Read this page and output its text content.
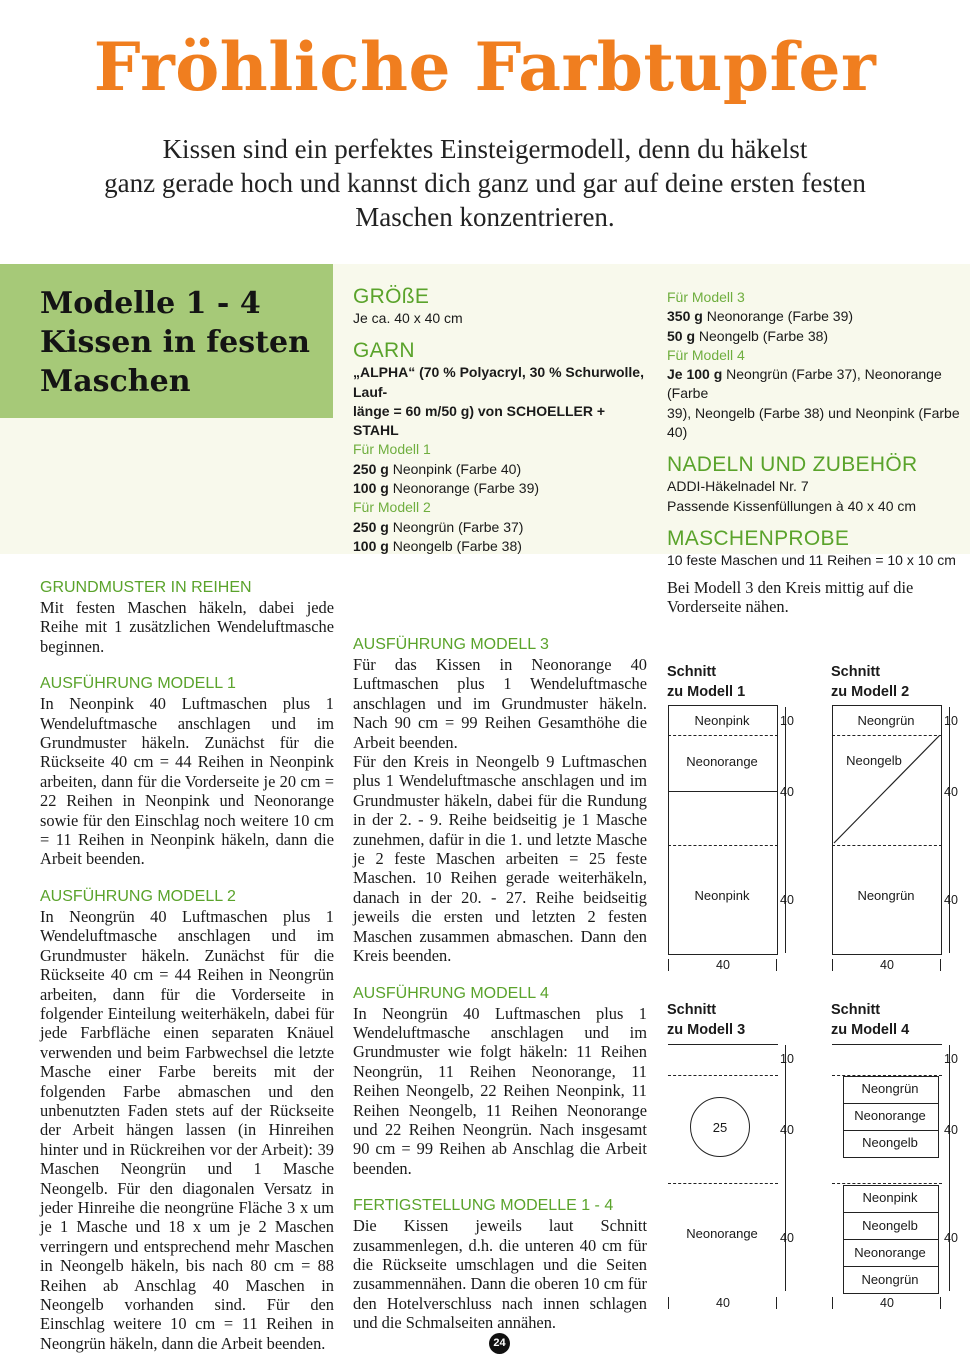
Fröhliche Farbtupfer
Kissen sind ein perfektes Einsteigermodell, denn du häkelst
ganz gerade hoch und kannst dich ganz und gar auf deine ersten festen
Maschen konzentrieren.
Modelle 1 - 4
Kissen in festen
Maschen
GRÖßE
Je ca. 40 x 40 cm
GARN
„ALPHA“ (70 % Polyacryl, 30 % Schurwolle, Lauf-
länge = 60 m/50 g) von SCHOELLER + STAHL
Für Modell 1
250 g Neonpink (Farbe 40)
100 g Neonorange (Farbe 39)
Für Modell 2
250 g Neongrün (Farbe 37)
100 g Neongelb (Farbe 38)
Für Modell 3
350 g Neonorange (Farbe 39)
50 g Neongelb (Farbe 38)
Für Modell 4
Je 100 g Neongrün (Farbe 37), Neonorange (Farbe
39), Neongelb (Farbe 38) und Neonpink (Farbe 40)
NADELN UND ZUBEHÖR
ADDI-Häkelnadel Nr. 7
Passende Kissenfüllungen à 40 x 40 cm
MASCHENPROBE
10 feste Maschen und 11 Reihen = 10 x 10 cm
GRUNDMUSTER IN REIHEN

Mit festen Maschen häkeln, dabei jede Reihe mit 1 zusätzlichen Wendeluftmasche beginnen.

AUSFÜHRUNG MODELL 1

In Neonpink 40 Luftmaschen plus 1 Wendeluftmasche anschlagen und im Grundmuster häkeln. Zunächst für die Rückseite 40 cm = 44 Reihen in Neonpink arbeiten, dann für die Vorderseite je 20 cm = 22 Reihen in Neonpink und Neonorange sowie für den Einschlag noch weitere 10 cm = 11 Reihen in Neonpink häkeln, dann die Arbeit beenden.

AUSFÜHRUNG MODELL 2

In Neongrün 40 Luftmaschen plus 1 Wendeluftmasche anschlagen und im Grundmuster häkeln. Zunächst für die Rückseite 40 cm = 44 Reihen in Neongrün arbeiten, dann für die Vorderseite in folgender Einteilung weiterhäkeln, dabei für jede Farbfläche einen separaten Knäuel verwenden und beim Farbwechsel die letzte Masche einer Farbe bereits mit der folgenden Farbe abmaschen und den unbenutzten Faden stets auf der Rückseite der Arbeit hängen lassen (in Hinreihen hinter und in Rückreihen vor der Arbeit): 39 Maschen Neongrün und 1 Masche Neongelb. Für den diagonalen Versatz in jeder Hinreihe die neongrüne Fläche 3 x um je 1 Masche und 18 x um je 2 Maschen verringern und entsprechend mehr Maschen in Neongelb häkeln, bis nach 80 cm = 88 Reihen ab Anschlag 40 Maschen in Neongelb vorhanden sind. Für den Einschlag weitere 10 cm = 11 Reihen in Neongrün häkeln, dann die Arbeit beenden.

AUSFÜHRUNG MODELL 3

Für das Kissen in Neonorange 40 Luftmaschen plus 1 Wendeluftmasche anschlagen und im Grundmuster häkeln. Nach 90 cm = 99 Reihen Gesamthöhe die Arbeit beenden.

Für den Kreis in Neongelb 9 Luftmaschen plus 1 Wendeluftmasche anschlagen und im Grundmuster häkeln, dabei für die Rundung in der 2. - 9. Reihe beidseitig je 1 Masche zunehmen, dafür in die 1. und letzte Masche je 2 feste Maschen arbeiten = 25 feste Maschen. 10 Reihen gerade weiterhäkeln, danach in der 20. - 27. Reihe beidseitig jeweils die ersten und letzten 2 festen Maschen zusammen abmaschen. Dann den Kreis beenden.

AUSFÜHRUNG MODELL 4

In Neongrün 40 Luftmaschen plus 1 Wendeluftmasche anschlagen und im Grundmuster wie folgt häkeln: 11 Reihen Neongrün, 11 Reihen Neonorange, 11 Reihen Neongelb, 22 Reihen Neonpink, 11 Reihen Neongelb, 11 Reihen Neonorange und 22 Reihen Neongrün. Nach insgesamt 90 cm = 99 Reihen ab Anschlag die Arbeit beenden.

FERTIGSTELLUNG MODELLE 1 - 4

Die Kissen jeweils laut Schnitt zusammenlegen, d.h. die unteren 40 cm für die Rückseite umschlagen und die Seiten zusammennähen. Dann die oberen 10 cm für den Hotelverschluss nach innen schlagen und die Schmalseiten annähen.

Bei Modell 3 den Kreis mittig auf die Vorderseite nähen.

Schnitt
zu Modell 1
Neonpink
Neonorange
Neonpink
10
40
40
40
Schnitt
zu Modell 2
Neongrün
Neongelb
Neongrün
10
40
40
40
Schnitt
zu Modell 3
25
Neonorange
10
40
40
40
Schnitt
zu Modell 4
Neongrün
Neonorange
Neongelb
Neonpink
Neongelb
Neonorange
Neongrün
10
40
40
40
24
